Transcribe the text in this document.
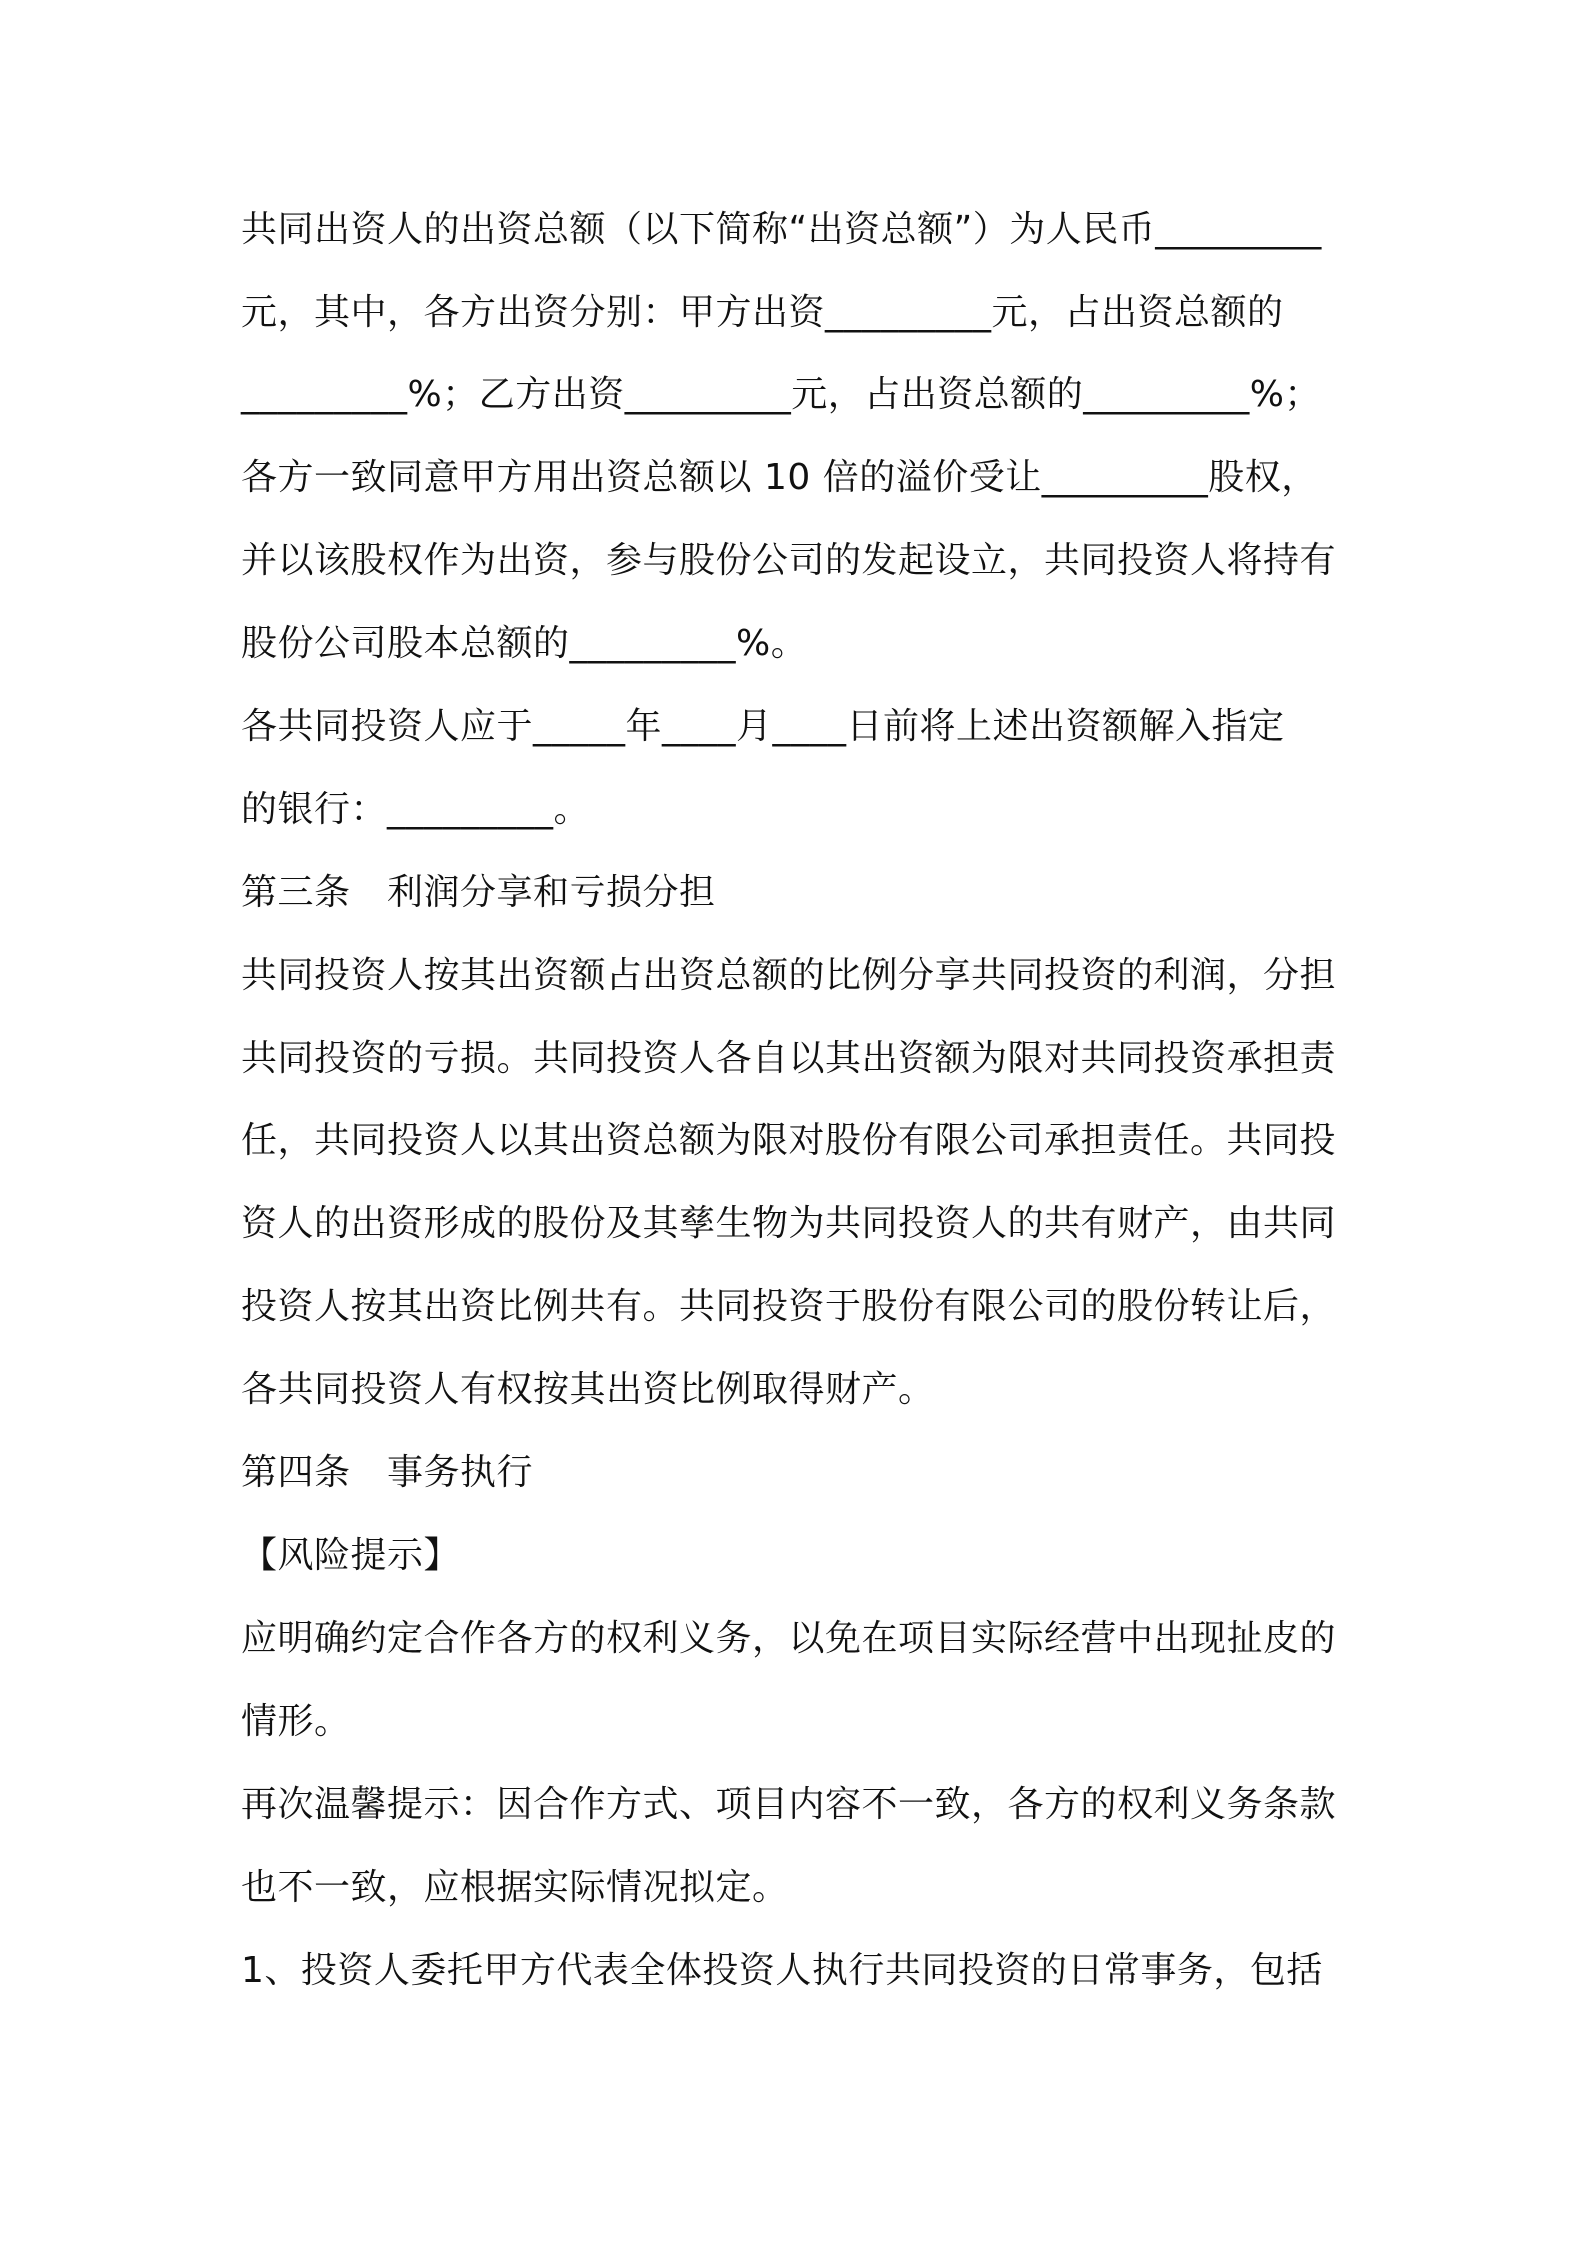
共同出资人的出资总额（以下简称“出资总额”）为人民币_________
元，其中，各方出资分别：甲方出资_________元，占出资总额的
_________%；乙方出资_________元，占出资总额的_________%；
各方一致同意甲方用出资总额以 10 倍的溢价受让_________股权，
并以该股权作为出资，参与股份公司的发起设立，共同投资人将持有
股份公司股本总额的_________%。
各共同投资人应于_____年____月____日前将上述出资额解入指定
的银行：_________。
第三条　利润分享和亏损分担
共同投资人按其出资额占出资总额的比例分享共同投资的利润，分担
共同投资的亏损。共同投资人各自以其出资额为限对共同投资承担责
任，共同投资人以其出资总额为限对股份有限公司承担责任。共同投
资人的出资形成的股份及其孳生物为共同投资人的共有财产，由共同
投资人按其出资比例共有。共同投资于股份有限公司的股份转让后，
各共同投资人有权按其出资比例取得财产。
第四条　事务执行
【风险提示】
应明确约定合作各方的权利义务，以免在项目实际经营中出现扯皮的
情形。
再次温馨提示：因合作方式、项目内容不一致，各方的权利义务条款
也不一致，应根据实际情况拟定。
1、投资人委托甲方代表全体投资人执行共同投资的日常事务，包括
